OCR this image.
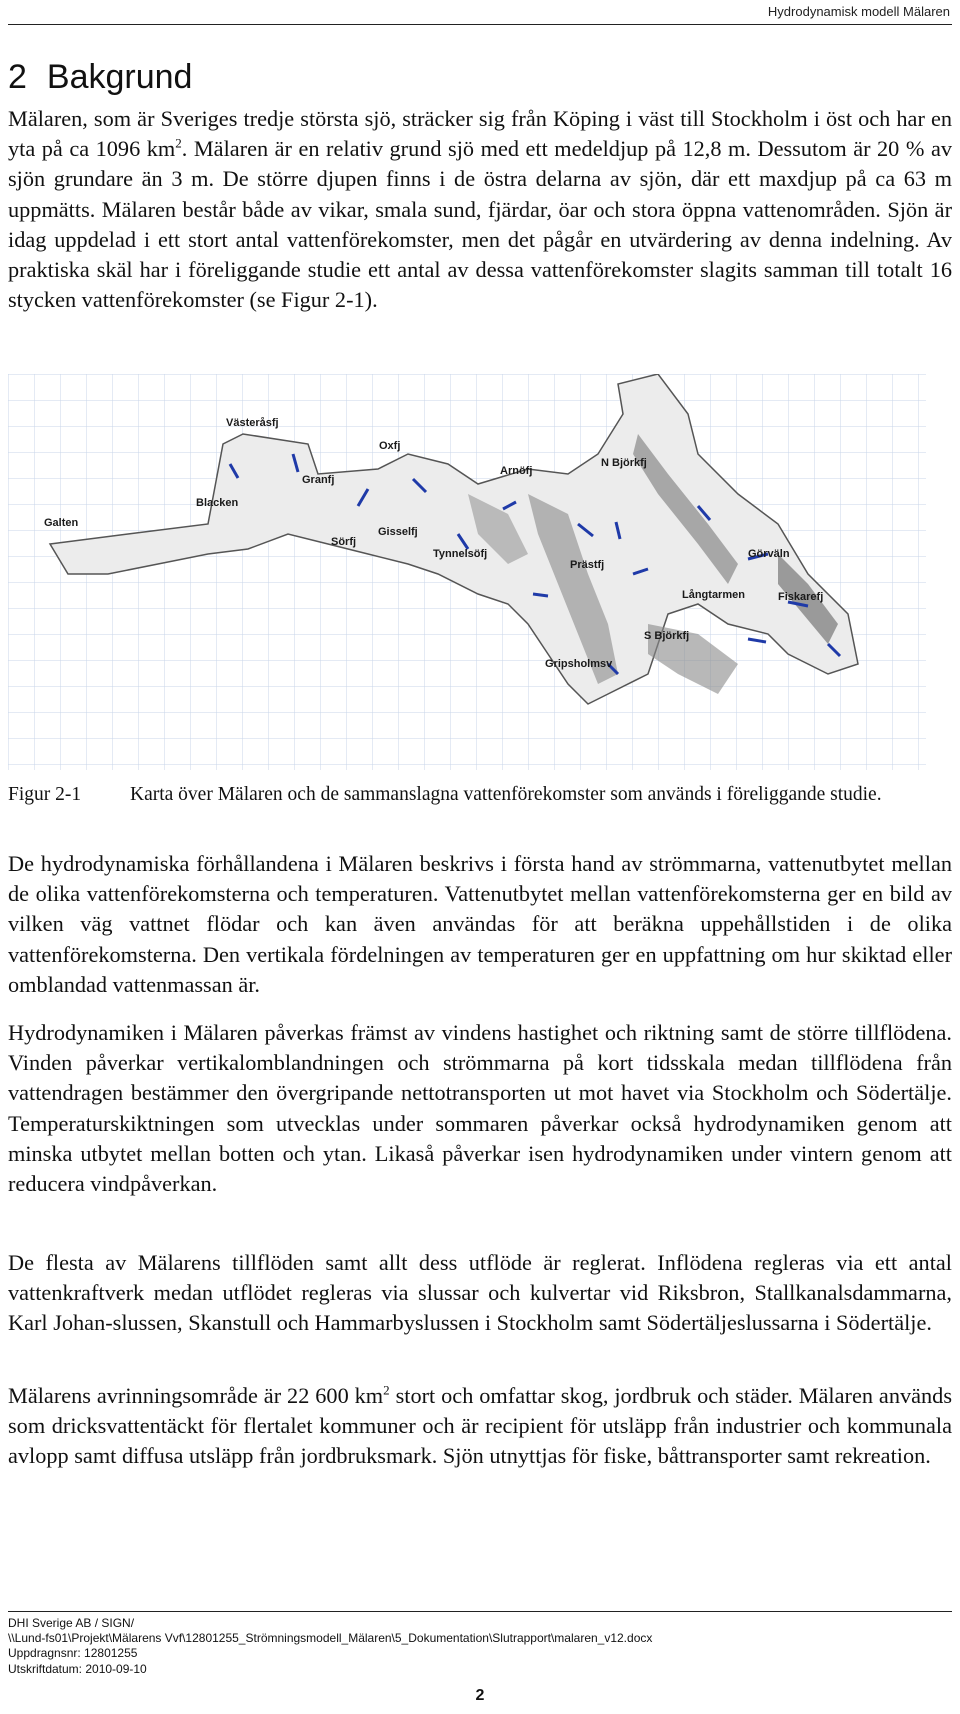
Hydrodynamisk modell Mälaren
2 Bakgrund

Mälaren, som är Sveriges tredje största sjö, sträcker sig från Köping i väst till Stockholm i öst och har en yta på ca 1096 $km^2$. Mälaren är en relativ grund sjö med ett medeldjup på 12,8 m. Dessutom är 20 % av sjön grundare än 3 m. De större djupen finns i de östra delarna av sjön, där ett maxdjup på ca 63 m uppmätts. Mälaren består både av vikar, smala sund, fjärdar, öar och stora öppna vattenområden. Sjön är idag uppdelad i ett stort antal vattenförekomster, men det pågår en utvärdering av denna indelning. Av praktiska skäl har i föreliggande studie ett antal av dessa vattenförekomster slagits samman till totalt 16 stycken vattenförekomster (se Figur 2-1).

Västeråsfj
Oxfj
Granfj
Blacken
Galten
Sörfj
Gisselfj
Tynnelsöfj
Arnöfj
N Björkfj
Prästfj
Görväln
Långtarmen	Fiskarefj
S Björkfj
Gripsholmsv
Figur 2-1	Karta över Mälaren och de sammanslagna vattenförekomster som används i föreliggande studie.

De hydrodynamiska förhållandena i Mälaren beskrivs i första hand av strömmarna, vattenutbytet mellan de olika vattenförekomsterna och temperaturen. Vattenutbytet mellan vattenförekomsterna ger en bild av vilken väg vattnet flödar och kan även användas för att beräkna uppehållstiden i de olika vattenförekomsterna. Den vertikala fördelningen av temperaturen ger en uppfattning om hur skiktad eller omblandad vattenmassan är.

Hydrodynamiken i Mälaren påverkas främst av vindens hastighet och riktning samt de större tillflödena. Vinden påverkar vertikalomblandningen och strömmarna på kort tidsskala medan tillflödena från vattendragen bestämmer den övergripande nettotransporten ut mot havet via Stockholm och Södertälje. Temperaturskiktningen som utvecklas under sommaren påverkar också hydrodynamiken genom att minska utbytet mellan botten och ytan. Likaså påverkar isen hydrodynamiken under vintern genom att reducera vindpåverkan.

De flesta av Mälarens tillflöden samt allt dess utflöde är reglerat. Inflödena regleras via ett antal vattenkraftverk medan utflödet regleras via slussar och kulvertar vid Riksbron, Stallkanalsdammarna, Karl Johan-slussen, Skanstull och Hammarbyslussen i Stockholm samt Södertäljeslussarna i Södertälje.

Mälarens avrinningsområde är 22 600 $km^2$ stort och omfattar skog, jordbruk och städer. Mälaren används som dricksvattentäckt för flertalet kommuner och är recipient för utsläpp från industrier och kommunala avlopp samt diffusa utsläpp från jordbruksmark. Sjön utnyttjas för fiske, båttransporter samt rekreation.

DHI Sverige AB / SIGN/
\\Lund-fs01\Projekt\Mälarens Vvf\12801255_Strömningsmodell_Mälaren\5_Dokumentation\Slutrapport\malaren_v12.docx
Uppdragnsnr: 12801255
Utskriftdatum: 2010-09-10
2
